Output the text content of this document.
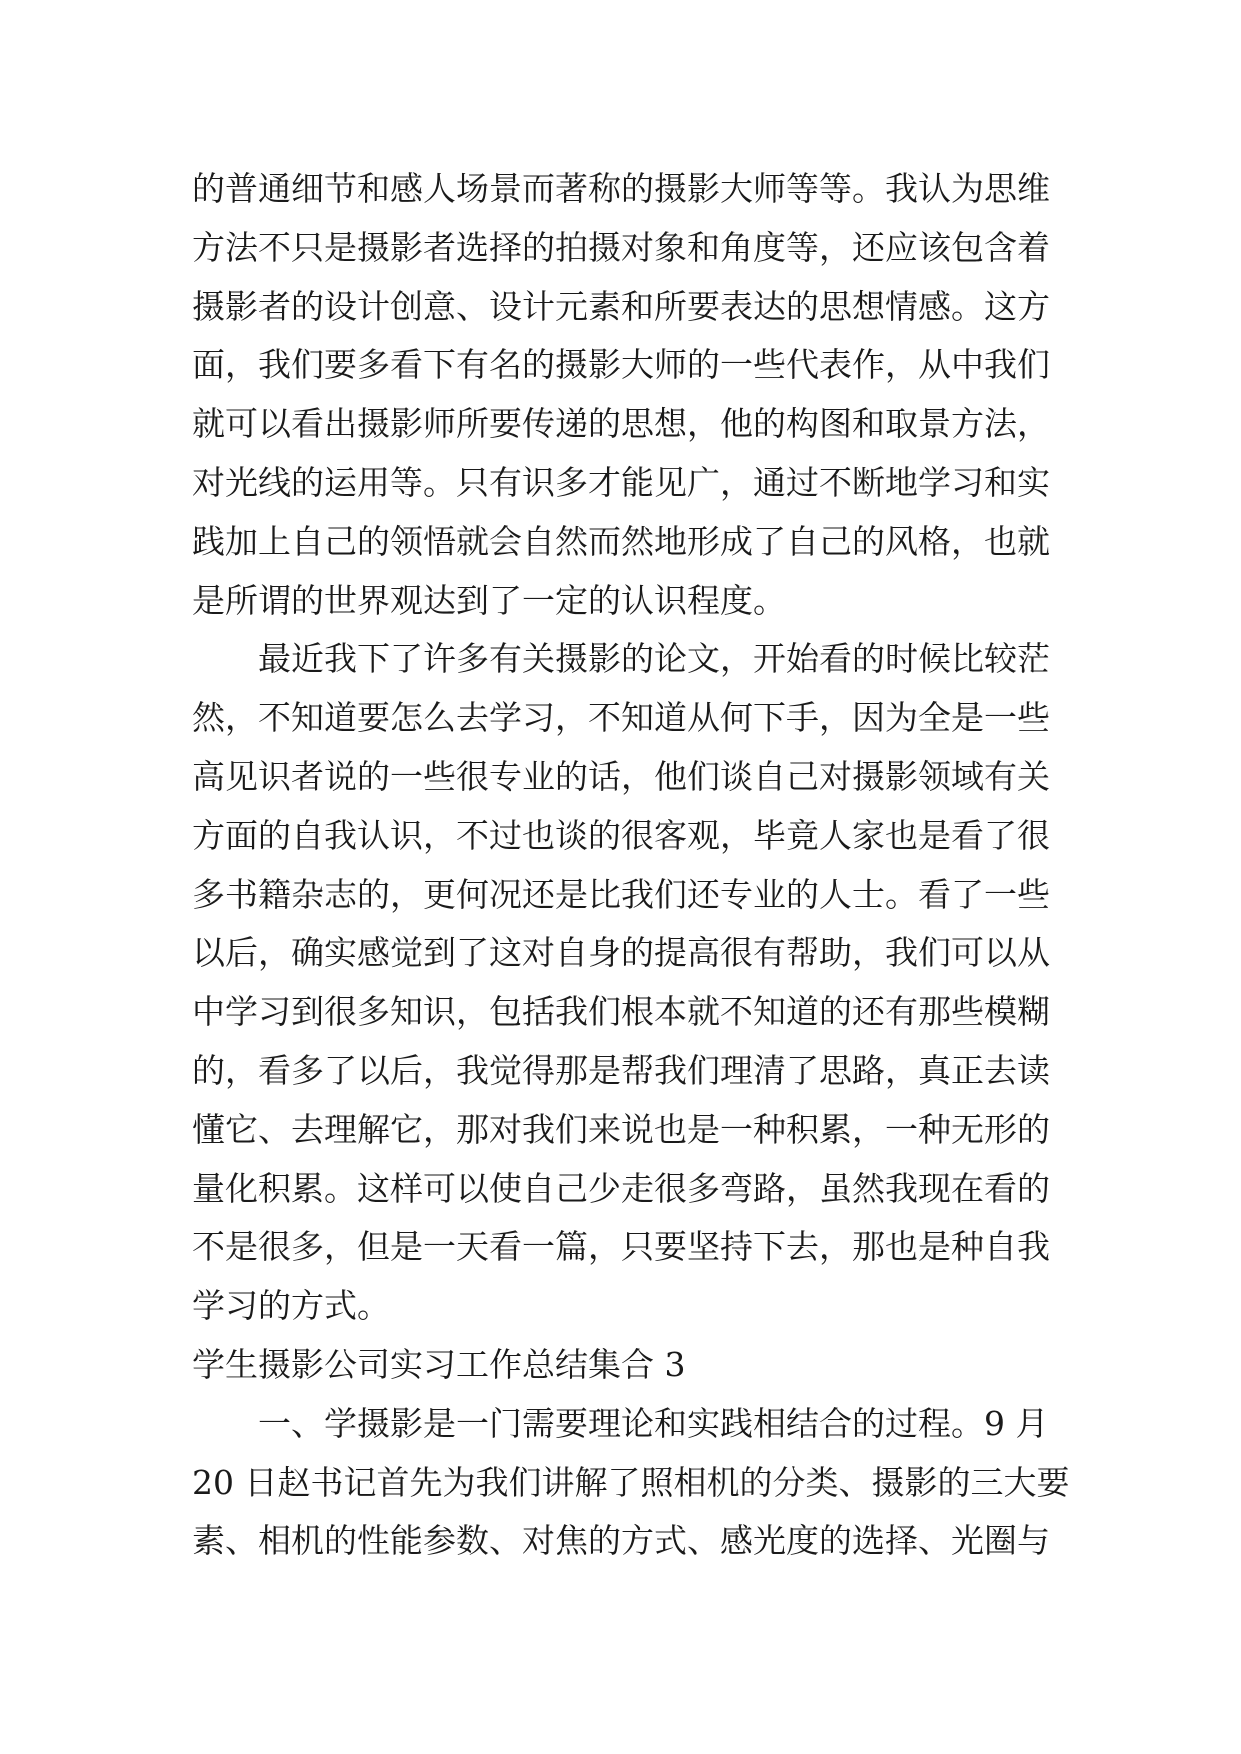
的普通细节和感人场景而著称的摄影大师等等。我认为思维
方法不只是摄影者选择的拍摄对象和角度等，还应该包含着
摄影者的设计创意、设计元素和所要表达的思想情感。这方
面，我们要多看下有名的摄影大师的一些代表作，从中我们
就可以看出摄影师所要传递的思想，他的构图和取景方法，
对光线的运用等。只有识多才能见广，通过不断地学习和实
践加上自己的领悟就会自然而然地形成了自己的风格，也就
是所谓的世界观达到了一定的认识程度。
最近我下了许多有关摄影的论文，开始看的时候比较茫
然，不知道要怎么去学习，不知道从何下手，因为全是一些
高见识者说的一些很专业的话，他们谈自己对摄影领域有关
方面的自我认识，不过也谈的很客观，毕竟人家也是看了很
多书籍杂志的，更何况还是比我们还专业的人士。看了一些
以后，确实感觉到了这对自身的提高很有帮助，我们可以从
中学习到很多知识，包括我们根本就不知道的还有那些模糊
的，看多了以后，我觉得那是帮我们理清了思路，真正去读
懂它、去理解它，那对我们来说也是一种积累，一种无形的
量化积累。这样可以使自己少走很多弯路，虽然我现在看的
不是很多，但是一天看一篇，只要坚持下去，那也是种自我
学习的方式。
学生摄影公司实习工作总结集合 3
一、学摄影是一门需要理论和实践相结合的过程。9 月
20 日赵书记首先为我们讲解了照相机的分类、摄影的三大要
素、相机的性能参数、对焦的方式、感光度的选择、光圈与
